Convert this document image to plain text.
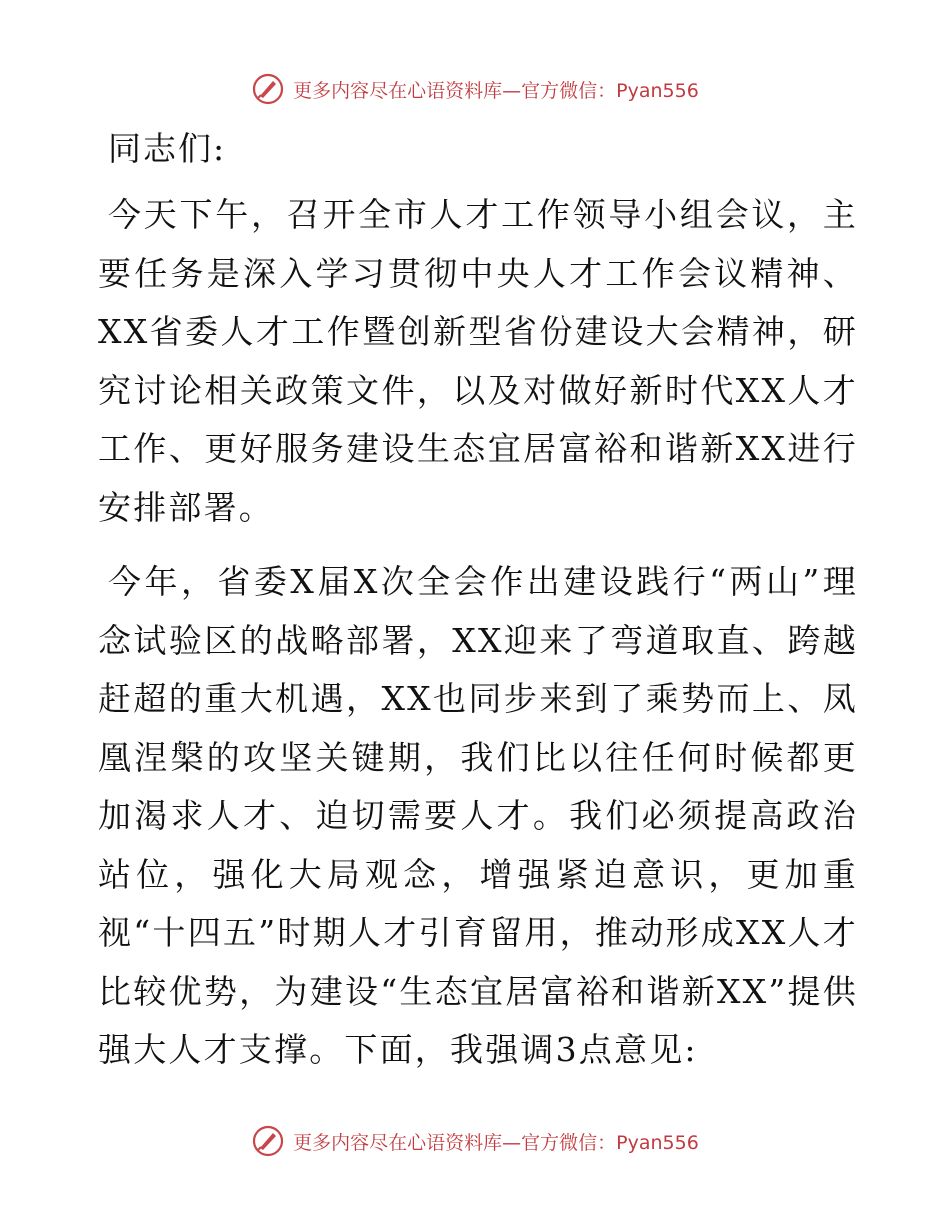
更多内容尽在心语资料库—官方微信：Pyan556
同志们:

今天下午，召开全市人才工作领导小组会议，主要任务是深入学习贯彻中央人才工作会议精神、XX省委人才工作暨创新型省份建设大会精神，研究讨论相关政策文件，以及对做好新时代XX人才工作、更好服务建设生态宜居富裕和谐新XX进行安排部署。

今年，省委X届X次全会作出建设践行“两山”理念试验区的战略部署，XX迎来了弯道取直、跨越赶超的重大机遇，XX也同步来到了乘势而上、凤凰涅槃的攻坚关键期，我们比以往任何时候都更加渴求人才、迫切需要人才。我们必须提高政治站位，强化大局观念，增强紧迫意识，更加重视“十四五”时期人才引育留用，推动形成XX人才比较优势，为建设“生态宜居富裕和谐新XX”提供强大人才支撑。下面，我强调3点意见:

更多内容尽在心语资料库—官方微信：Pyan556
